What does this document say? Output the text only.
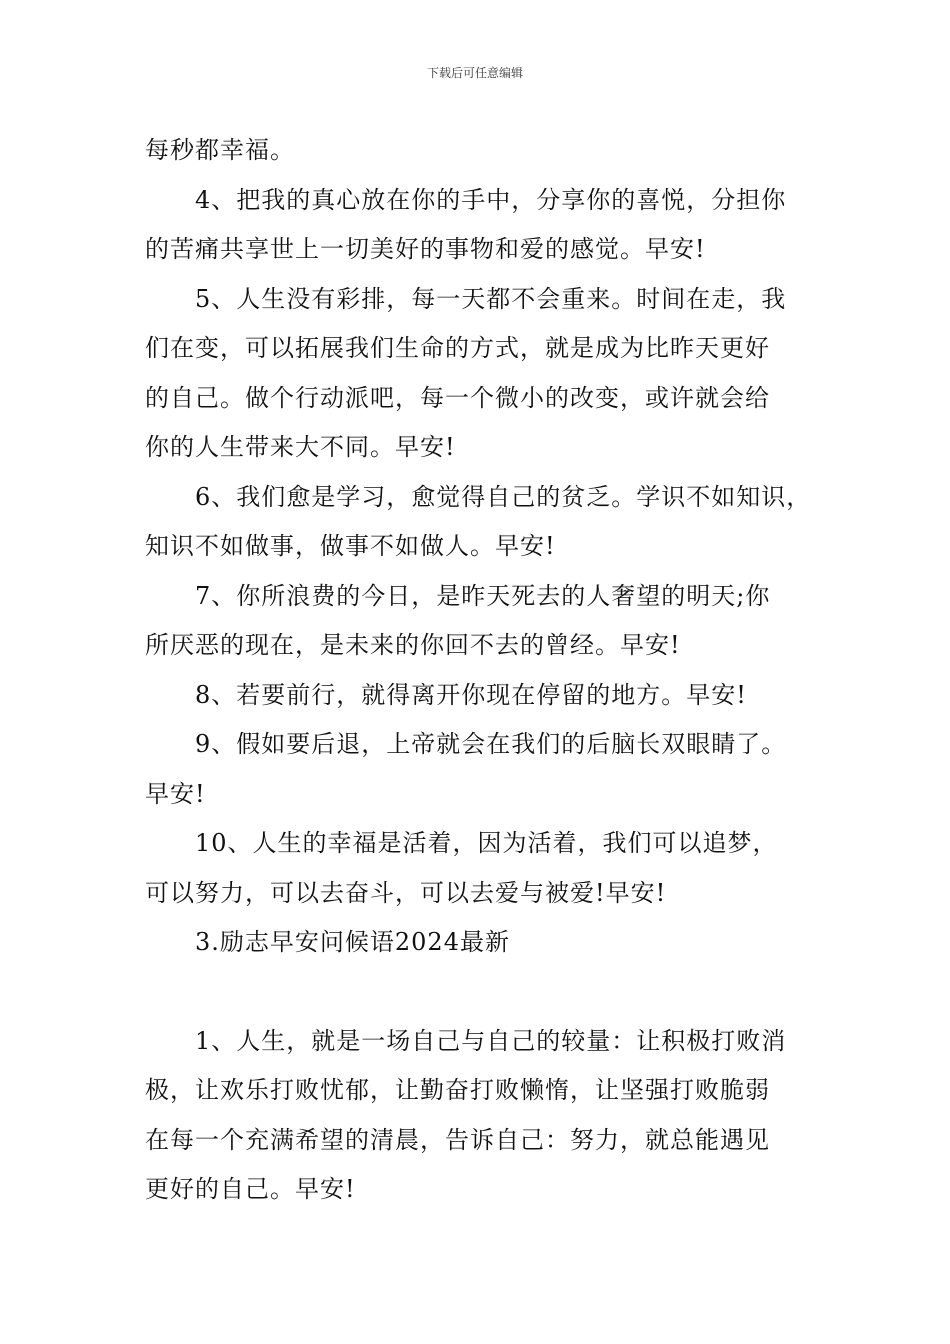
下载后可任意编辑

每秒都幸福。

4、把我的真心放在你的手中，分享你的喜悦，分担你

的苦痛共享世上一切美好的事物和爱的感觉。早安!

5、人生没有彩排，每一天都不会重来。时间在走，我

们在变，可以拓展我们生命的方式，就是成为比昨天更好

的自己。做个行动派吧，每一个微小的改变，或许就会给

你的人生带来大不同。早安!

6、我们愈是学习，愈觉得自己的贫乏。学识不如知识，

知识不如做事，做事不如做人。早安!

7、你所浪费的今日，是昨天死去的人奢望的明天;你

所厌恶的现在，是未来的你回不去的曾经。早安!

8、若要前行，就得离开你现在停留的地方。早安!

9、假如要后退，上帝就会在我们的后脑长双眼睛了。

早安!

10、人生的幸福是活着，因为活着，我们可以追梦，

可以努力，可以去奋斗，可以去爱与被爱!早安!

3.励志早安问候语2024最新

1、人生，就是一场自己与自己的较量：让积极打败消

极，让欢乐打败忧郁，让勤奋打败懒惰，让坚强打败脆弱

在每一个充满希望的清晨，告诉自己：努力，就总能遇见

更好的自己。早安!
